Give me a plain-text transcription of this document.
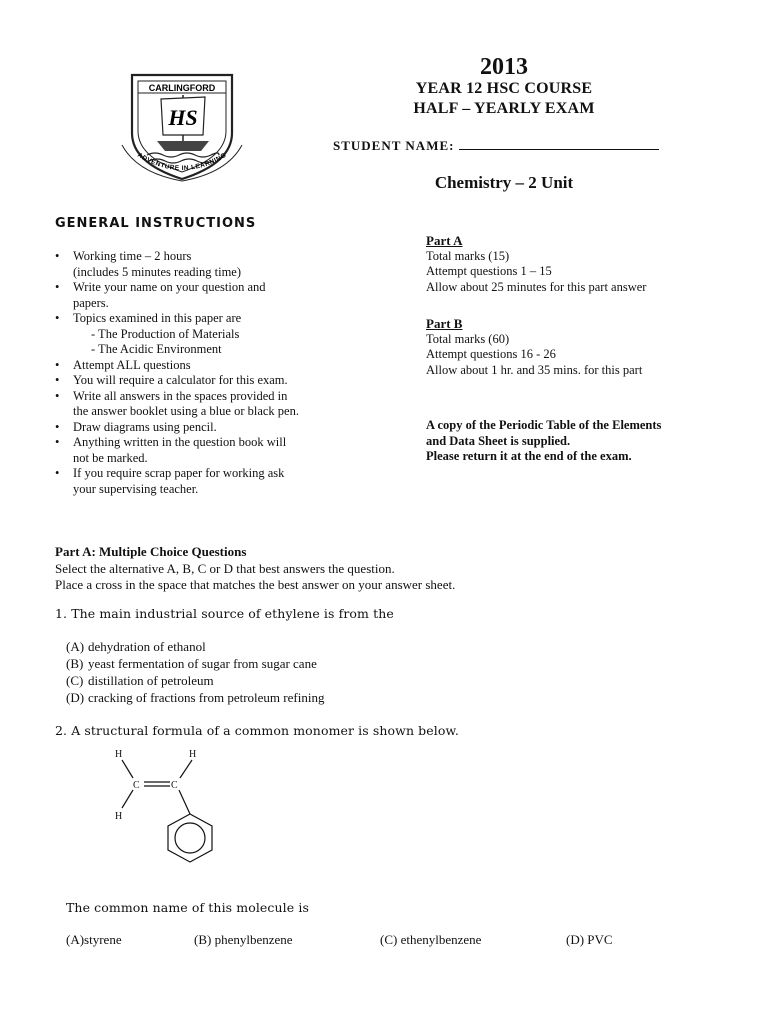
CARLINGFORD
HS
ADVENTURE IN LEARNING
2013
YEAR 12 HSC COURSE
HALF – YEARLY EXAM
STUDENT NAME:
Chemistry – 2 Unit
GENERAL INSTRUCTIONS
• Working time – 2 hours
(includes 5 minutes reading time)
• Write your name on your question and
papers.
• Topics examined in this paper are
- The Production of Materials
- The Acidic Environment
• Attempt ALL questions
• You will require a calculator for this exam.
• Write all answers in the spaces provided in
the answer booklet using a blue or black pen.
• Draw diagrams using pencil.
• Anything written in the question book will
not be marked.
• If you require scrap paper for working ask
your supervising teacher.
Part A
Total marks (15)
Attempt questions 1 – 15
Allow about 25 minutes for this part answer
Part B
Total marks (60)
Attempt questions 16 - 26
Allow about 1 hr. and 35 mins. for this part
A copy of the Periodic Table of the Elements
and Data Sheet is supplied.
Please return it at the end of the exam.
Part A: Multiple Choice Questions
Select the alternative A, B, C or D that best answers the question.
Place a cross in the space that matches the best answer on your answer sheet.
1. The main industrial source of ethylene is from the
(A) dehydration of ethanol
(B) yeast fermentation of sugar from sugar cane
(C) distillation of petroleum
(D) cracking of fractions from petroleum refining
2. A structural formula of a common monomer is shown below.
H	H
C	C
H
The common name of this molecule is
(A)styrene	(B) phenylbenzene	(C) ethenylbenzene	(D) PVC
